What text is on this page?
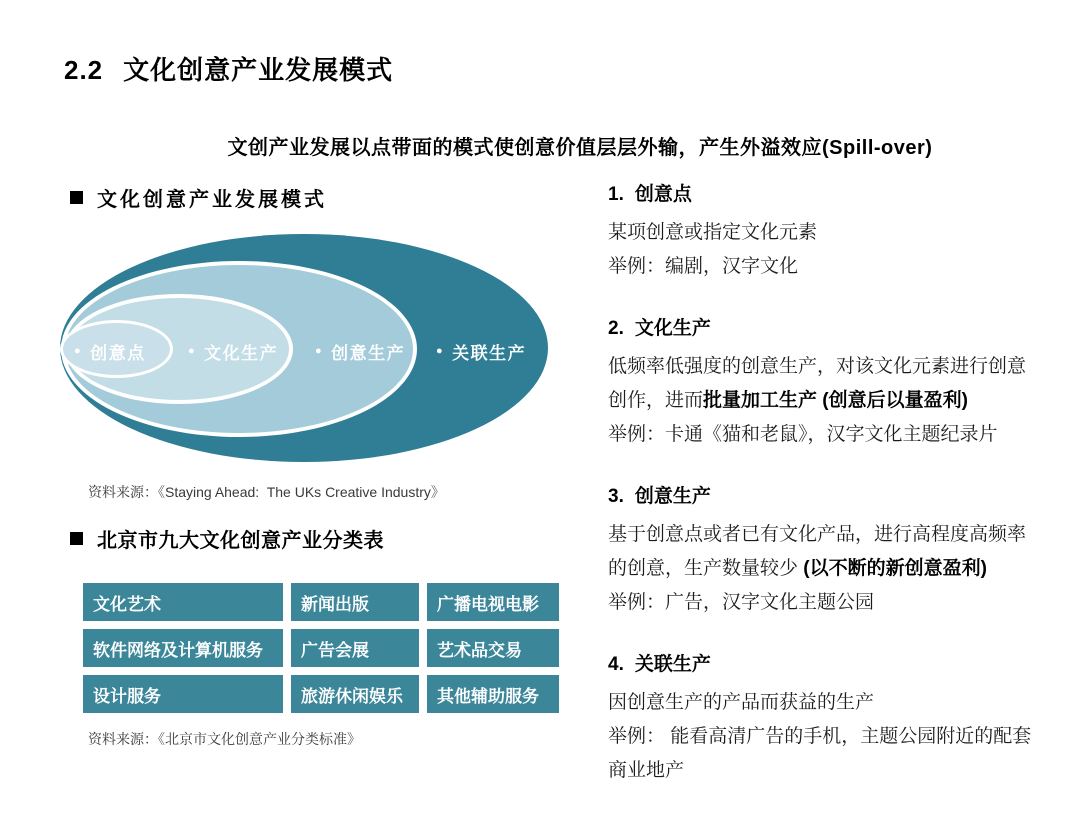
2.2 文化创意产业发展模式
文创产业发展以点带面的模式使创意价值层层外输，产生外溢效应(Spill-over)
文化创意产业发展模式
● 创意点	● 文化生产	● 创意生产	● 关联生产
资料来源：《Staying Ahead:  The UKs Creative Industry》
北京市九大文化创意产业分类表
文化艺术	新闻出版	广播电视电影
软件网络及计算机服务	广告会展	艺术品交易
设计服务	旅游休闲娱乐	其他辅助服务
资料来源：《北京市文化创意产业分类标准》
1. 创意点
某项创意或指定文化元素
举例：编剧，汉字文化
2. 文化生产
低频率低强度的创意生产，对该文化元素进行创意
创作，进而批量加工生产 (创意后以量盈利)
举例：卡通《猫和老鼠》，汉字文化主题纪录片
3. 创意生产
基于创意点或者已有文化产品，进行高程度高频率
的创意，生产数量较少 (以不断的新创意盈利)
举例：广告，汉字文化主题公园
4. 关联生产
因创意生产的产品而获益的生产
举例： 能看高清广告的手机，主题公园附近的配套
商业地产
